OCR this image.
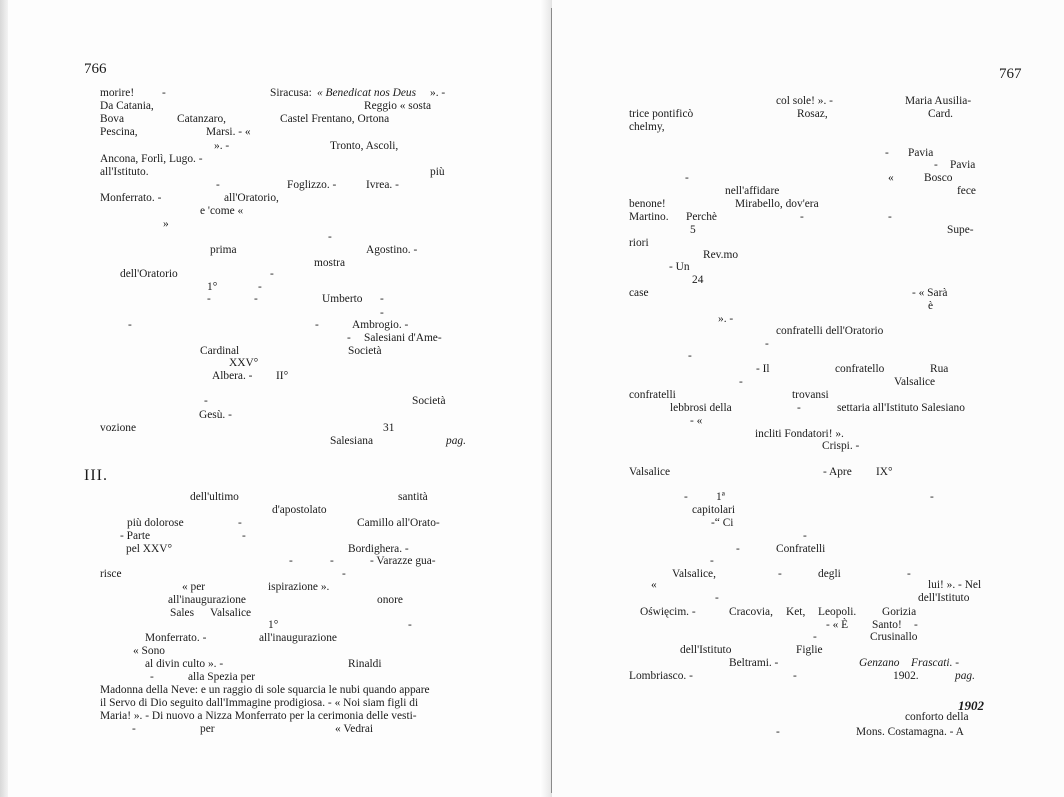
766
morire! -	Siracusa: « Benedicat nos Deus ». -
Da Catania,	Reggio « sosta
Bova	Catanzaro,	Castel Frentano, Ortona
Pescina,	Marsi. - «
». -	Tronto, Ascoli,
Ancona, Forlì, Lugo. -
all'Istituto.	più
-	Foglizzo. -	Ivrea. -
Monferrato. -	all'Oratorio,
e 'come «
»
-
prima	Agostino. -
mostra
dell'Oratorio	-
1°	-
-	-	Umberto -
-
-	-	Ambrogio. -
- Salesiani d'Ame-
Cardinal	Società
XXV°
Albera. - II°
-	Società
Gesù. -
vozione	31
Salesiana	pag.
dell'ultimo	santità
d'apostolato
più dolorose	-	Camillo all'Orato-
- Parte	-
pel XXV°	Bordighera. -
-	-	- Varazze gua-
risce	-
« per	ispirazione ».
all'inaugurazione	onore
Sales Valsalice
1°	-
Monferrato. -	all'inaugurazione
« Sono
al divin culto ». -	Rinaldi
-	alla Spezia per
Madonna della Neve: e un raggio di sole squarcia le nubi quando appare
il Servo di Dio seguito dall'Immagine prodigiosa. - « Noi siam figli di
Maria! ». - Di nuovo a Nizza Monferrato per la cerimonia delle vesti-
-	per	« Vedrai
III.
767
col sole! ». -	Maria Ausilia-
trice pontificò	Rosaz,	Card.
chelmy,
- Pavia
- Pavia
-	«	Bosco
nell'affidare	fece
benone!	Mirabello, dov'era
Martino. Perchè	-	-
5	Supe-
riori
Rev.mo
- Un
24
case	- « Sarà
è
». -
confratelli dell'Oratorio
-
-
- Il	confratello	Rua
-	Valsalice
confratelli	trovansi
lebbrosi della	-	settaria all'Istituto Salesiano
- «
incliti Fondatori! ».
Crispi. -
Valsalice	- Apre IX°
-
- 1ª
capitolari
-“ Ci
-
-	Confratelli
-
Valsalice,	-	degli	-
«	lui! ». - Nel
-	dell'Istituto
Oświęcim. -	Cracovia, Ket, Leopoli. Gorizia
- « È Santo! -
-	Crusinallo
dell'Istituto	Figlie
Beltrami. -	Genzano Frascati. -
Lombriasco. -	-	1902.	pag.
conforto della
-	Mons. Costamagna. - A
1902
